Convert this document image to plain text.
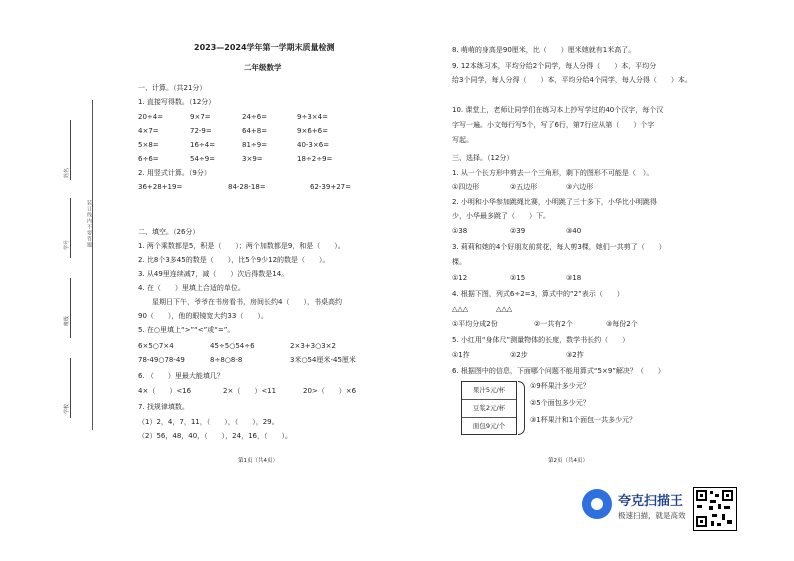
装订线内不要答题
姓名
学号
班级
学校
2023—2024学年第一学期末质量检测
二年级数学
一、计算。（共21分）
1. 直接写得数。（12分）
20÷4=	9×7=	24÷6=	9÷3×4=
4×7=	72-9=	64+8=	9×6+6=
5×8=	16÷4=	81÷9=	40-3×6=
6÷6=	54÷9=	3×9=	18÷2÷9=
2. 用竖式计算。（9分）
36+28+19=	84-28-18=	62-39+27=
二、填空。（26分）
1. 两个乘数都是5，积是（　　）；两个加数都是9，和是（　　）。
2. 比8个3多45的数是（　　），比5个9少12的数是（　　）。
3. 从49里连续减7，减（　　）次后得数是14。
4. 在（　　）里填上合适的单位。
星期日下午，爷爷在书房看书，房间长约4（　　），书桌高约
90（　　），他的眼镜宽大约33（　　）。
5. 在○里填上“>”“<”或“=”。
6×5○7×4	45÷5○54÷6	2×3+3○3×2
78-49○78-49	8÷8○8-8	3米○54厘米-45厘米
6. （　　）里最大能填几？
4×（　　）<16	2×（　　）<11	20>（　　）×6
7. 找规律填数。
（1）2，4，7，11，（　　），（　　），29。
（2）56，48，40，（　　），24，16，（　　）。
第1页（共4页）
8. 萌萌的身高是90厘米，比（　　）厘米她就有1米高了。
9. 12本练习本，平均分给2个同学，每人分得（　　）本，平均分
给3个同学，每人分得（　　）本，平均分给4个同学，每人分得（　　）本。
10. 课堂上，老师让同学们在练习本上抄写学过的40个汉字，每个汉
字写一遍。小文每行写5个，写了6行，第7行应从第（　　）个字
写起。
三、选择。（12分）
1. 从一个长方形中剪去一个三角形，剩下的图形不可能是（　）。
①四边形	②五边形	③六边形
2. 小明和小华参加跳绳比赛，小明跳了三十多下，小华比小明跳得
少，小华最多跳了（　　）下。
①38	②39	③40
3. 莉莉和她的4个好朋友前赏花，每人剪3棵，她们一共剪了（　　）
棵。
①12	②15	③18
4. 根据下图，列式6÷2=3，算式中的“2”表示（　　）
△△△	△△△
①平均分成2份	②一共有2个	③每份2个
5. 小红用“身体尺”测量物体的长度，数学书长约（　　）
①1拃	②2步	③2拃
6. 根据图中的信息，下面哪个问题不能用算式“5×9”解决？（　　）
果汁5元/杯
豆浆2元/杯
面包9元/个
①9杯果汁多少元？
②5个面包多少元？
③1杯果汁和1个面包一共多少元？
第2页（共4页）
夸克扫描王
极速扫描，就是高效
